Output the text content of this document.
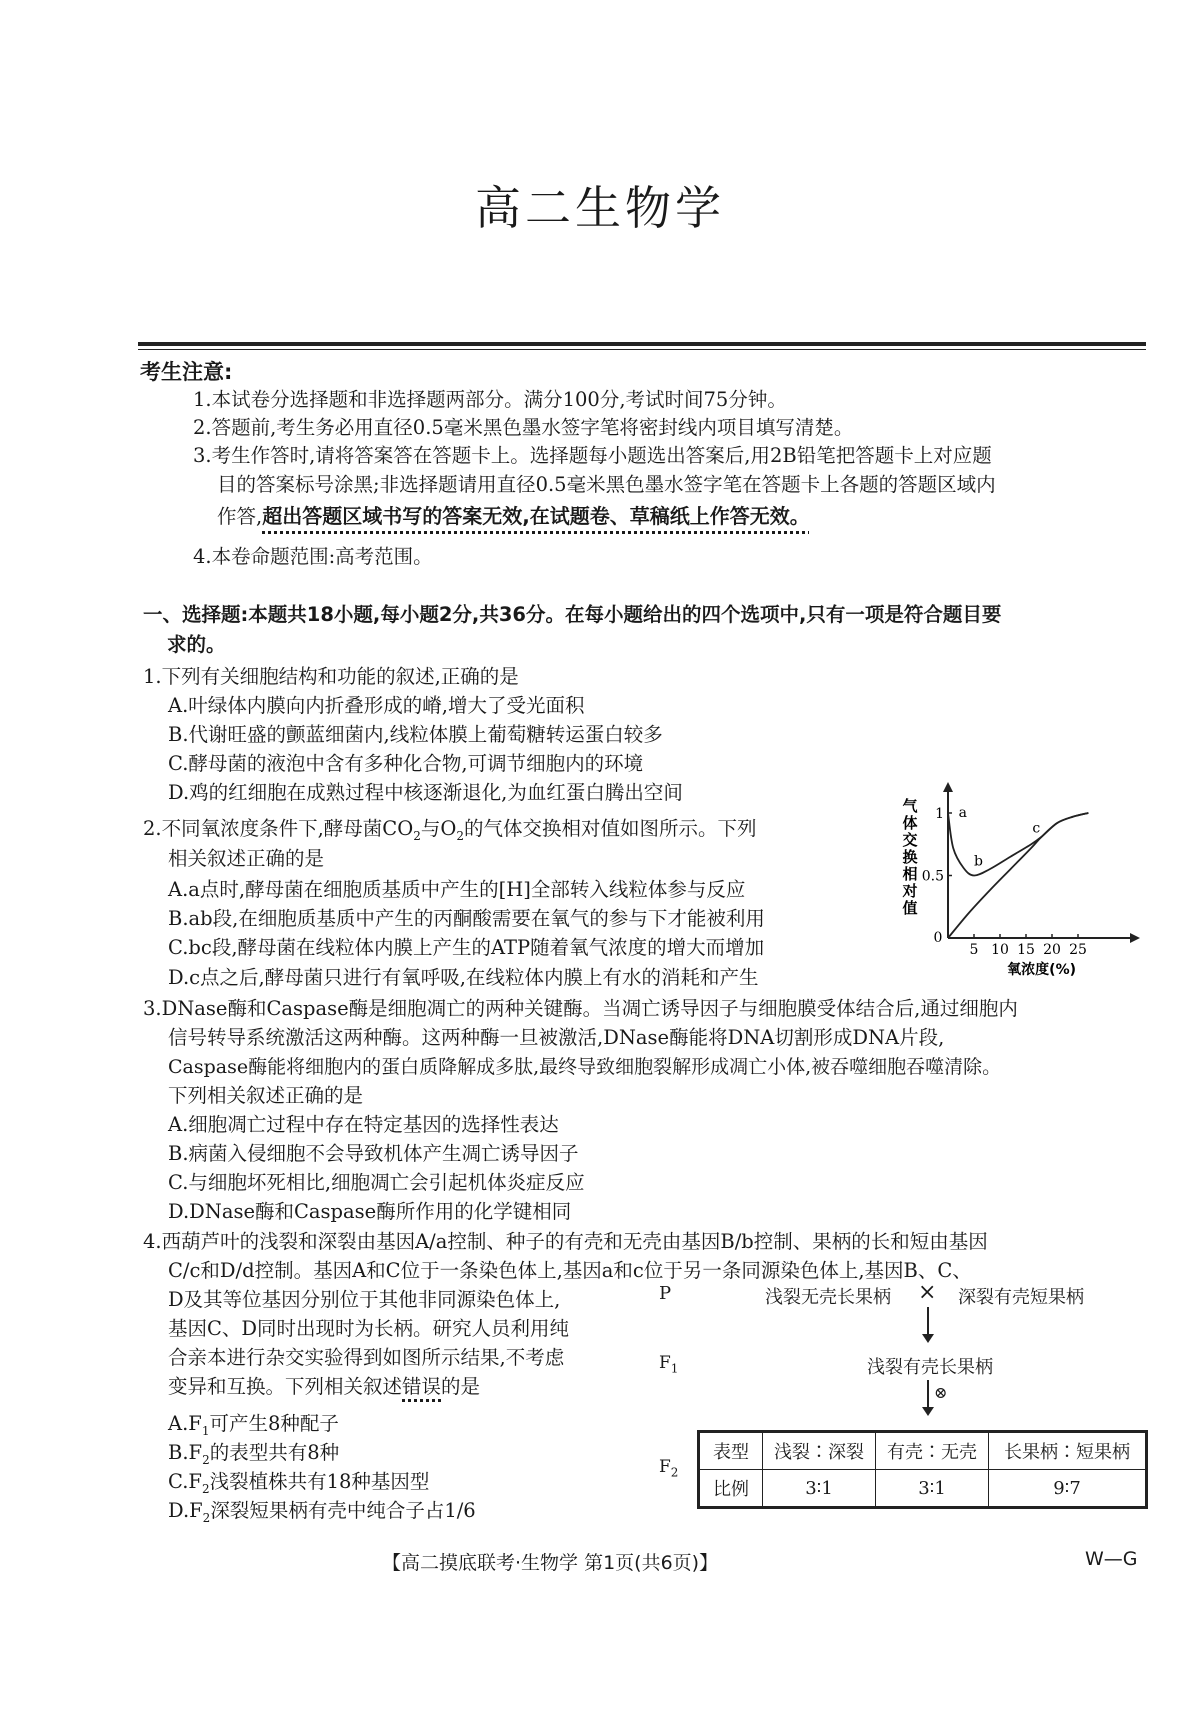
高二生物学
考生注意:
1.本试卷分选择题和非选择题两部分。满分100分,考试时间75分钟。
2.答题前,考生务必用直径0.5毫米黑色墨水签字笔将密封线内项目填写清楚。
3.考生作答时,请将答案答在答题卡上。选择题每小题选出答案后,用2B铅笔把答题卡上对应题
目的答案标号涂黑;非选择题请用直径0.5毫米黑色墨水签字笔在答题卡上各题的答题区域内
作答,超出答题区域书写的答案无效,在试题卷、草稿纸上作答无效。
4.本卷命题范围:高考范围。
一、选择题:本题共18小题,每小题2分,共36分。在每小题给出的四个选项中,只有一项是符合题目要
求的。
1.下列有关细胞结构和功能的叙述,正确的是
A.叶绿体内膜向内折叠形成的嵴,增大了受光面积
B.代谢旺盛的颤蓝细菌内,线粒体膜上葡萄糖转运蛋白较多
C.酵母菌的液泡中含有多种化合物,可调节细胞内的环境
D.鸡的红细胞在成熟过程中核逐渐退化,为血红蛋白腾出空间
2.不同氧浓度条件下,酵母菌$CO_2$与$O_2$的气体交换相对值如图所示。下列
相关叙述正确的是
A.a点时,酵母菌在细胞质基质中产生的[H]全部转入线粒体参与反应
B.ab段,在细胞质基质中产生的丙酮酸需要在氧气的参与下才能被利用
C.bc段,酵母菌在线粒体内膜上产生的ATP随着氧气浓度的增大而增加
D.c点之后,酵母菌只进行有氧呼吸,在线粒体内膜上有水的消耗和产生
5 10 15 20 25
0
0.5
1
气
体
交
换
相
对
值
氧浓度(%)
a
b
c
3.DNase酶和Caspase酶是细胞凋亡的两种关键酶。当凋亡诱导因子与细胞膜受体结合后,通过细胞内
信号转导系统激活这两种酶。这两种酶一旦被激活,DNase酶能将DNA切割形成DNA片段,
Caspase酶能将细胞内的蛋白质降解成多肽,最终导致细胞裂解形成凋亡小体,被吞噬细胞吞噬清除。
下列相关叙述正确的是
A.细胞凋亡过程中存在特定基因的选择性表达
B.病菌入侵细胞不会导致机体产生凋亡诱导因子
C.与细胞坏死相比,细胞凋亡会引起机体炎症反应
D.DNase酶和Caspase酶所作用的化学键相同
4.西葫芦叶的浅裂和深裂由基因A/a控制、种子的有壳和无壳由基因B/b控制、果柄的长和短由基因
C/c和D/d控制。基因A和C位于一条染色体上,基因a和c位于另一条同源染色体上,基因B、C、
D及其等位基因分别位于其他非同源染色体上,
基因C、D同时出现时为长柄。研究人员利用纯
合亲本进行杂交实验得到如图所示结果,不考虑
变异和互换。下列相关叙述错误的是
$A.F_1$可产生8种配子
$B.F_2$的表型共有8种
$C.F_2$浅裂植株共有18种基因型
$D.F_2$深裂短果柄有壳中纯合子占1/6
P	浅裂无壳长果柄 × 深裂有壳短果柄
$F_1$	浅裂有壳长果柄
⊗
$F_2$
表型	浅裂∶深裂	有壳∶无壳	长果柄∶短果柄
比例	3∶1	3∶1	9∶7
【高二摸底联考·生物学 第1页(共6页)】	W—G
